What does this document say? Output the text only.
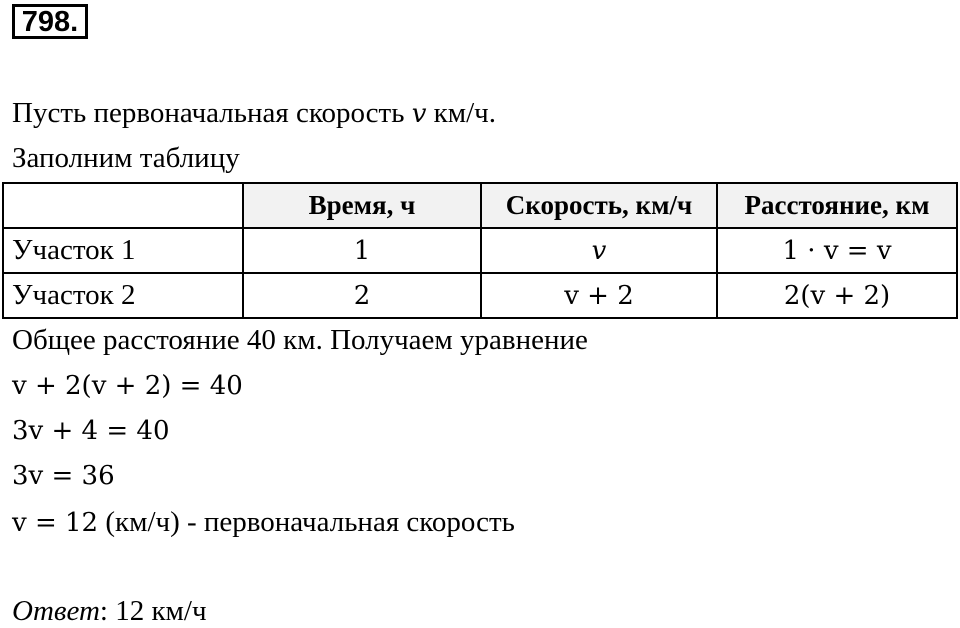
798.
Пусть первоначальная скорость v км/ч.
Заполним таблицу
	Время, ч	Скорость, км/ч	Расстояние, км
Участок 1	1	v	1 · v = v
Участок 2	2	v + 2	2(v + 2)
Общее расстояние 40 км. Получаем уравнение
v + 2(v + 2) = 40
3v + 4 = 40
3v = 36
v = 12 (км/ч) - первоначальная скорость
Ответ: 12 км/ч
